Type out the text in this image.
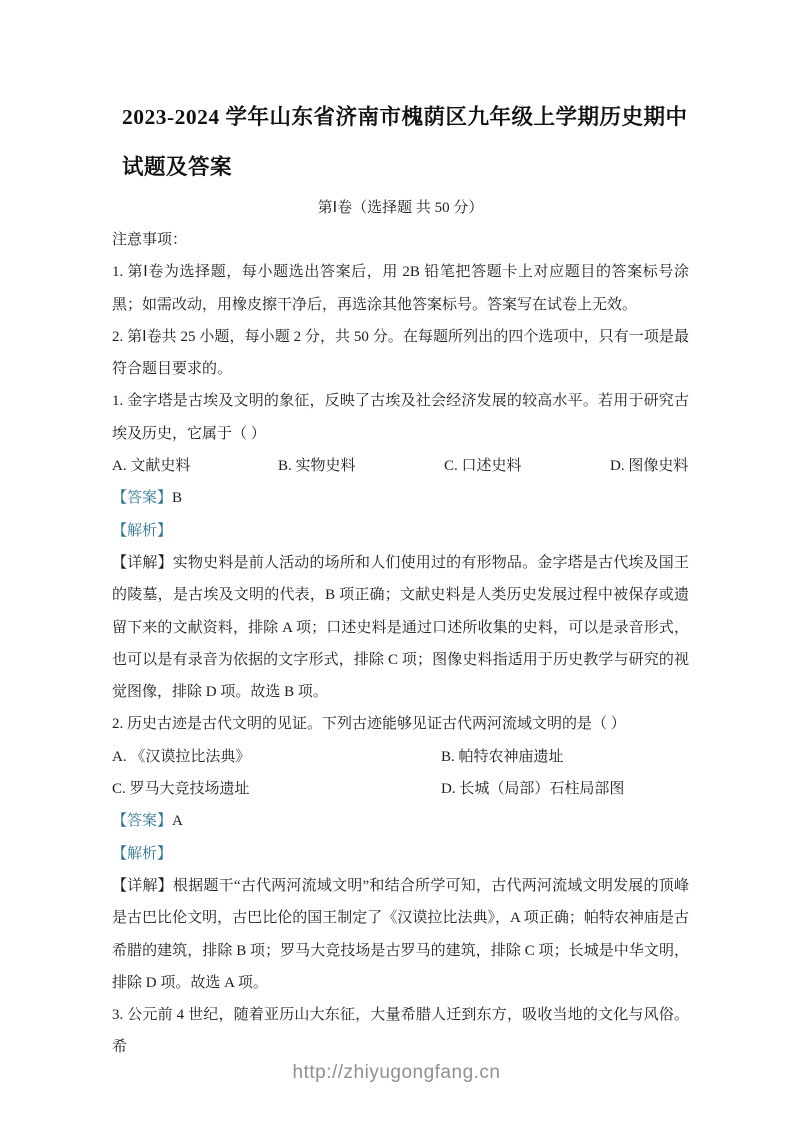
2023-2024 学年山东省济南市槐荫区九年级上学期历史期中试题及答案
第Ⅰ卷（选择题 共 50 分）

注意事项：

1. 第Ⅰ卷为选择题，每小题选出答案后，用 2B 铅笔把答题卡上对应题目的答案标号涂黑；如需改动，用橡皮擦干净后，再选涂其他答案标号。答案写在试卷上无效。

2. 第Ⅰ卷共 25 小题，每小题 2 分，共 50 分。在每题所列出的四个选项中，只有一项是最符合题目要求的。

1. 金字塔是古埃及文明的象征，反映了古埃及社会经济发展的较高水平。若用于研究古埃及历史，它属于（ ）

A. 文献史料	B. 实物史料	C. 口述史料	D. 图像史料

【答案】B

【解析】

【详解】实物史料是前人活动的场所和人们使用过的有形物品。金字塔是古代埃及国王的陵墓，是古埃及文明的代表，B 项正确；文献史料是人类历史发展过程中被保存或遗留下来的文献资料，排除 A 项；口述史料是通过口述所收集的史料，可以是录音形式，也可以是有录音为依据的文字形式，排除 C 项；图像史料指适用于历史教学与研究的视觉图像，排除 D 项。故选 B 项。

2. 历史古迹是古代文明的见证。下列古迹能够见证古代两河流域文明的是（ ）

A. 《汉谟拉比法典》	B. 帕特农神庙遗址

C. 罗马大竞技场遗址	D. 长城（局部）石柱局部图

【答案】A

【解析】

【详解】根据题干“古代两河流域文明”和结合所学可知，古代两河流域文明发展的顶峰是古巴比伦文明，古巴比伦的国王制定了《汉谟拉比法典》，A 项正确；帕特农神庙是古希腊的建筑，排除 B 项；罗马大竞技场是古罗马的建筑，排除 C 项；长城是中华文明，排除 D 项。故选 A 项。

3. 公元前 4 世纪，随着亚历山大东征，大量希腊人迁到东方，吸收当地的文化与风俗。希

http://zhiyugongfang.cn
